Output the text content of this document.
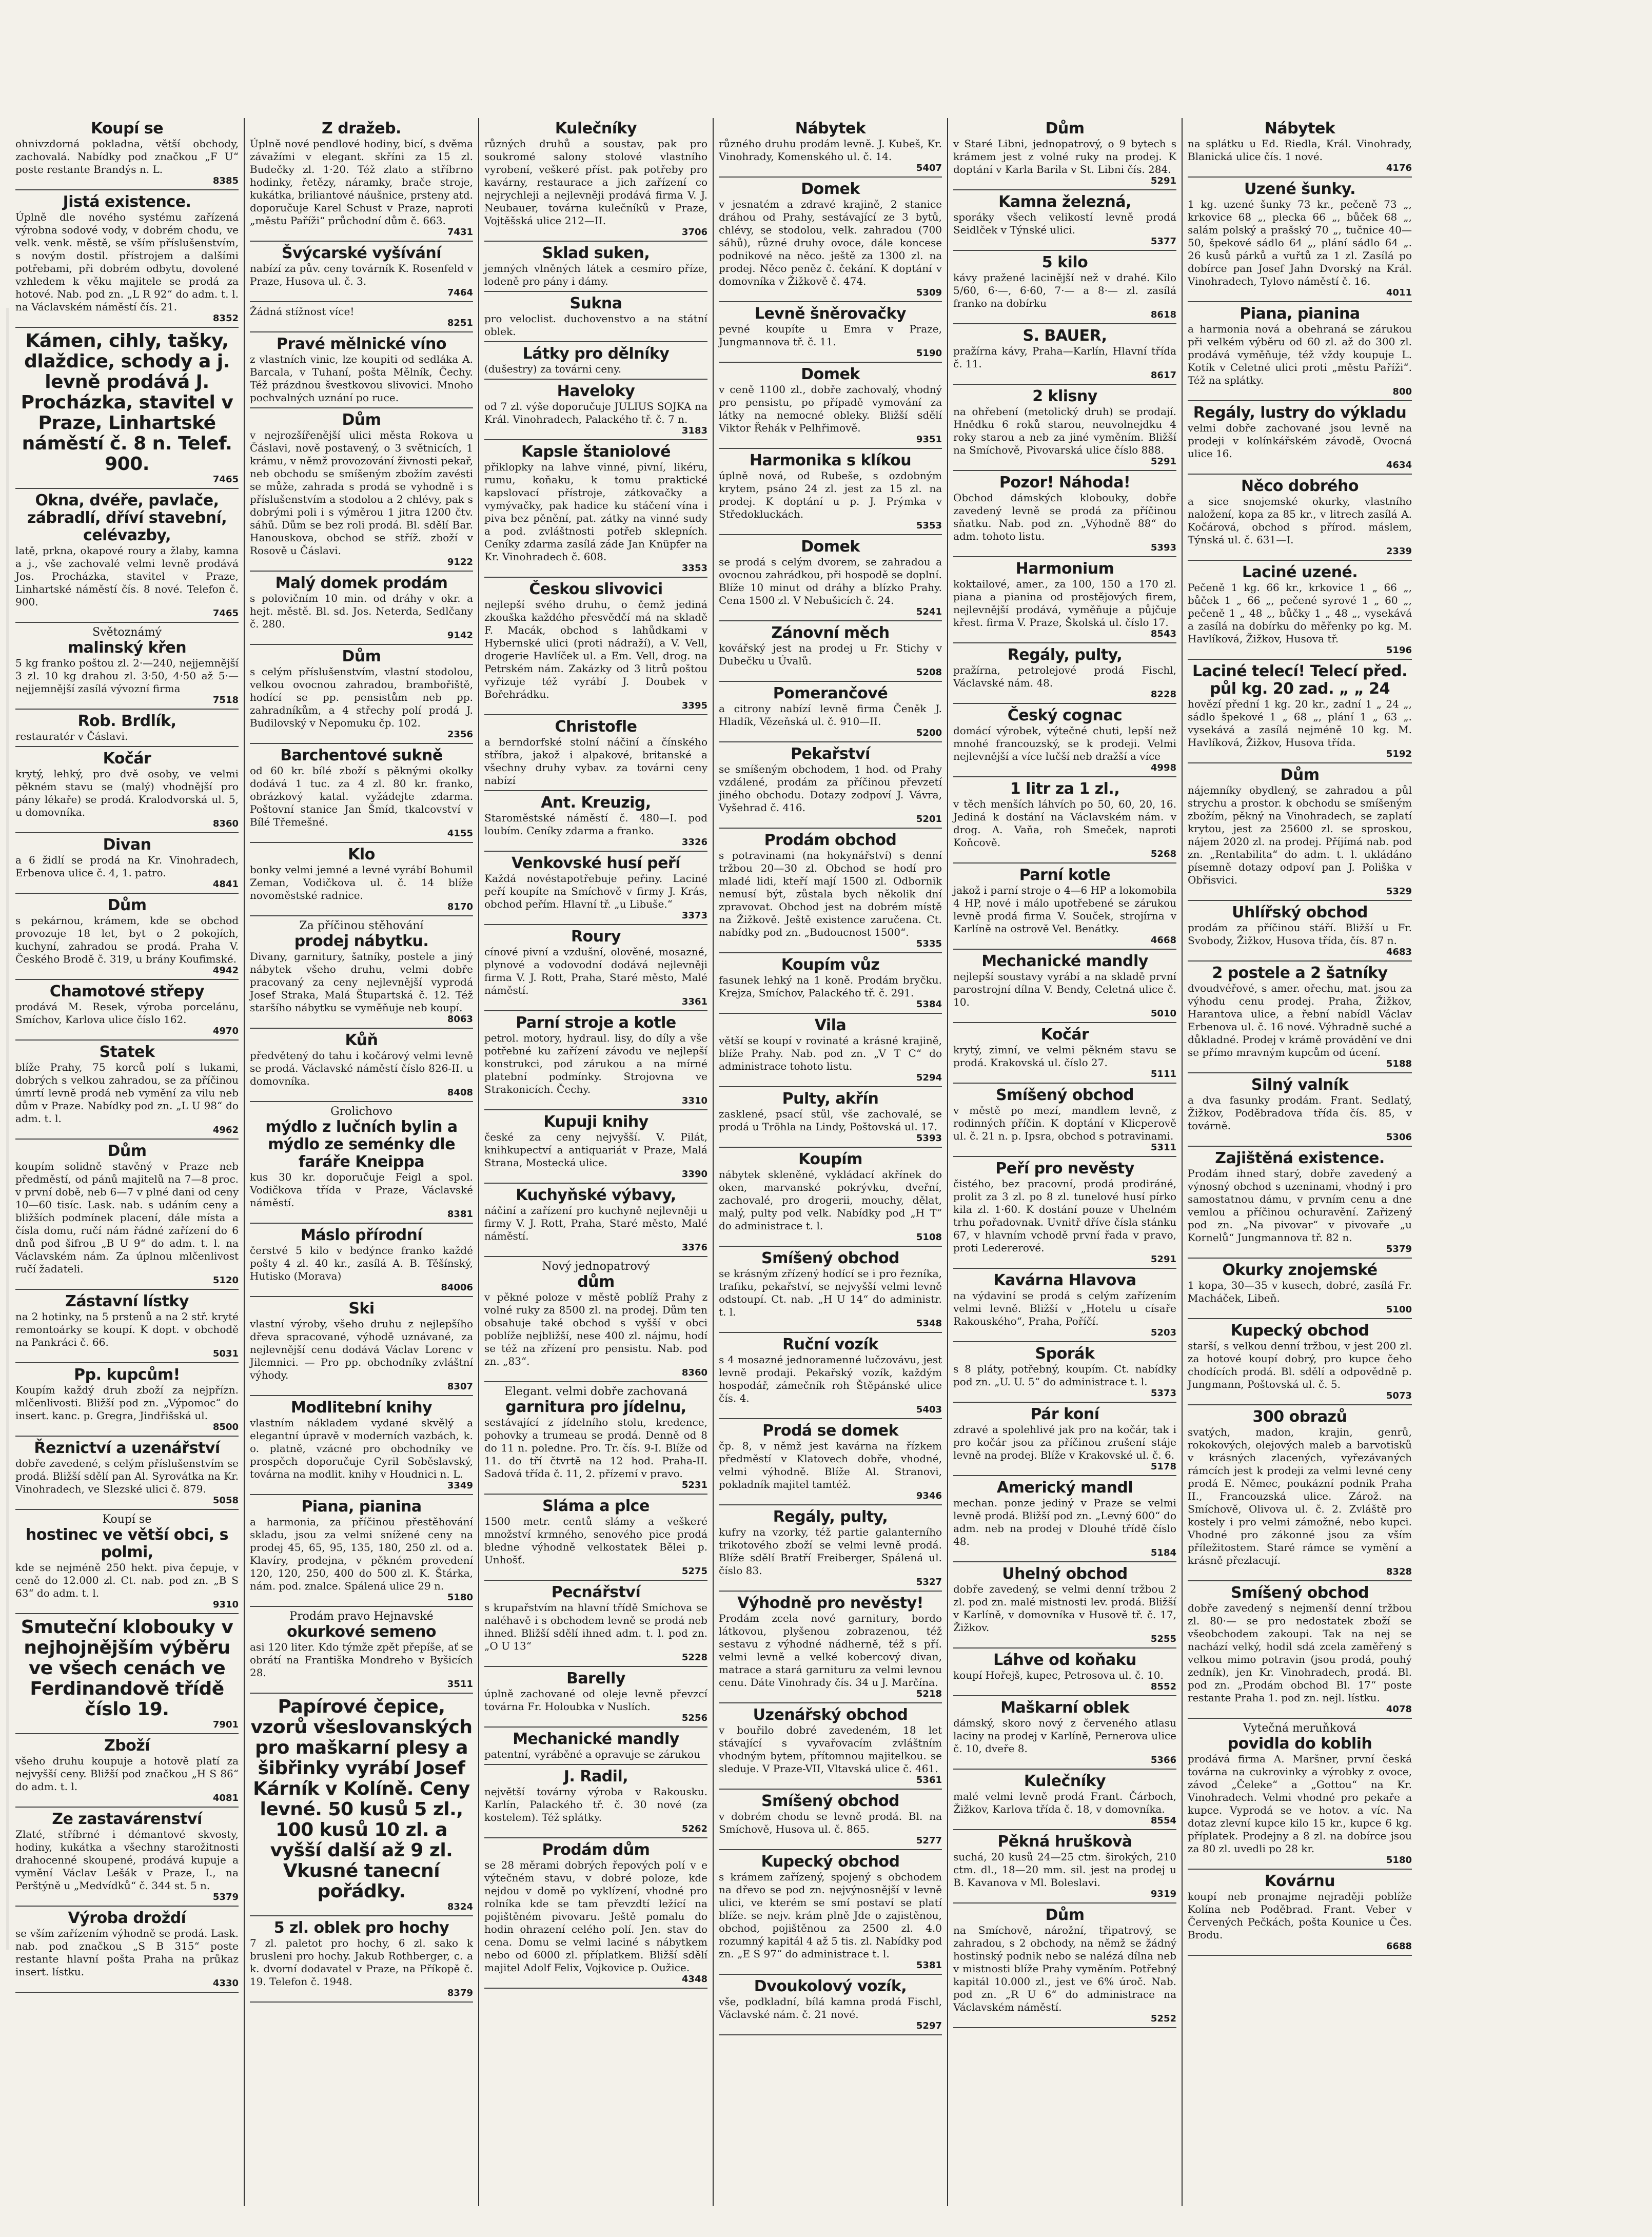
Koupí se
ohnivzdorná pokladna, větší obchody, zachovalá. Nabídky pod značkou „F U“ poste restante Brandýs n. L.
8385
Jistá existence.
Úplně dle nového systému zařízená výrobna sodové vody, v dobrém chodu, ve velk. venk. městě, se vším příslušenstvím, s novým dostil. přístrojem a dalšími potřebami, při dobrém odbytu, dovolené vzhledem k věku majitele se prodá za hotové. Nab. pod zn. „L R 92“ do adm. t. l. na Václavském náměstí čís. 21.
8352
Kámen, cihly, tašky, dlaždice, schody a j. levně prodává J. Procházka, stavitel v Praze, Linhartské náměstí č. 8 n. Telef. 900.
7465
Okna, dvéře, pavlače, zábradlí, dříví stavební, celévazby,
latě, prkna, okapové roury a žlaby, kamna a j., vše zachovalé velmi levně prodává Jos. Procházka, stavitel v Praze, Linhartské náměstí čís. 8 nové. Telefon č. 900.
7465
Světoznámý
malinský křen
5 kg franko poštou zl. 2·—240, nejjemnější 3 zl. 10 kg drahou zl. 3·50, 4·50 až 5·— nejjemnější zasílá vývozní firma
7518
Rob. Brdlík,
restauratér v Čáslavi.
Kočár
krytý, lehký, pro dvě osoby, ve velmi pěkném stavu se (malý) vhodnější pro pány lékaře) se prodá. Kralodvorská ul. 5, u domovníka.
8360
Divan
a 6 židlí se prodá na Kr. Vinohradech, Erbenova ulice č. 4, 1. patro.
4841
Dům
s pekárnou, krámem, kde se obchod provozuje 18 let, byt o 2 pokojích, kuchyní, zahradou se prodá. Praha V. Českého Brodě č. 319, u brány Koufimské.
4942
Chamotové střepy
prodává M. Resek, výroba porcelánu, Smíchov, Karlova ulice číslo 162.
4970
Statek
blíže Prahy, 75 korců polí s lukami, dobrých s velkou zahradou, se za příčinou úmrtí levně prodá neb vymění za vilu neb dům v Praze. Nabídky pod zn. „L U 98“ do adm. t. l.
4962
Dům
koupím solidně stavěný v Praze neb předměstí, od pánů majitelů na 7—8 proc. v první době, neb 6—7 v plné dani od ceny 10—60 tisíc. Lask. nab. s udáním ceny a bližších podmínek placení, dále místa a čísla domu, ručí nám řádné zařízení do 6 dnů pod šifrou „B U 9“ do adm. t. l. na Václavském nám. Za úplnou mlčenlivost ručí žadateli.
5120
Zástavní lístky
na 2 hotinky, na 5 prstenů a na 2 stř. kryté remontoárky se koupí. K dopt. v obchodě na Pankráci č. 66.
5031
Pp. kupcům!
Koupím každý druh zboží za nejpřízn. mlčenlivosti. Bližší pod zn. „Výpomoc“ do insert. kanc. p. Gregra, Jindřišská ul.
8500
Řeznictví a uzenářství
dobře zavedené, s celým příslušenstvím se prodá. Bližší sdělí pan Al. Syrovátka na Kr. Vinohradech, ve Slezské ulici č. 879.
5058
Koupí se
hostinec ve větší obci, s polmi,
kde se nejméně 250 hekt. piva čepuje, v ceně do 12.000 zl. Ct. nab. pod zn. „B S 63“ do adm. t. l.
9310
Smuteční klobouky v nejhojnějším výběru ve všech cenách ve Ferdinandově třídě číslo 19.
7901
Zboží
všeho druhu koupuje a hotově platí za nejvyšší ceny. Bližší pod značkou „H S 86“ do adm. t. l.
4081
Ze zastavárenství
Zlaté, stříbrné i démantové skvosty, hodiny, kukátka a všechny starožitnosti drahocenné skoupené, prodává kupuje a vymění Václav Lešák v Praze, I., na Perštýně u „Medvídků“ č. 344 st. 5 n.
5379
Výroba droždí
se vším zařízením výhodně se prodá. Lask. nab. pod značkou „S B 315“ poste restante hlavní pošta Praha na průkaz insert. lístku.
4330
Z dražeb.
Úplně nové pendlové hodiny, bicí, s dvěma závažími v elegant. skříni za 15 zl. Budečky zl. 1·20. Též zlato a stříbrno hodinky, řetězy, náramky, brače stroje, kukátka, briliantové náušnice, prsteny atd. doporučuje Karel Schust v Praze, naproti „městu Paříži“ průchodní dům č. 663.
7431
Švýcarské vyšívání
nabízí za pův. ceny továrník K. Rosenfeld v Praze, Husova ul. č. 3.
7464
Žádná stížnost více!
8251
Pravé mělnické víno
z vlastních vinic, lze koupiti od sedláka A. Barcala, v Tuhaní, pošta Mělník, Čechy. Též prázdnou švestkovou slivovici. Mnoho pochvalných uznání po ruce.
Dům
v nejrozšířenější ulici města Rokova u Čáslavi, nově postavený, o 3 světnicích, 1 krámu, v němž provozování živnosti pekař, neb obchodu se smíšeným zbožím zavésti se může, zahrada s prodá se vyhodně i s příslušenstvím a stodolou a 2 chlévy, pak s dobrými poli i s výměrou 1 jitra 1200 čtv. sáhů. Dům se bez roli prodá. Bl. sdělí Bar. Hanouskova, obchod se stříž. zboží v Rosově u Čáslavi.
9122
Malý domek prodám
s polovičním 10 min. od dráhy v okr. a hejt. městě. Bl. sd. Jos. Neterda, Sedlčany č. 280.
9142
Dům
s celým příslušenstvím, vlastní stodolou, velkou ovocnou zahradou, brambořiště, hodící se pp. pensistům neb pp. zahradníkům, a 4 střechy polí prodá J. Budilovský v Nepomuku čp. 102.
2356
Barchentové sukně
od 60 kr. bílé zboží s pěknými okolky dodává 1 tuc. za 4 zl. 80 kr. franko, obrázkový katal. vyžádejte zdarma. Poštovní stanice Jan Šmíd, tkalcovství v Bílé Třemešné.
4155
Klo
bonky velmi jemné a levné vyrábí Bohumil Zeman, Vodičkova ul. č. 14 blíže novoměstské radnice.
8170
Za příčinou stěhování
prodej nábytku.
Divany, garnitury, šatníky, postele a jiný nábytek všeho druhu, velmi dobře pracovaný za ceny nejlevnější vyprodá Josef Straka, Malá Štupartská č. 12. Též staršího nábytku se vyměňuje neb koupí.
8063
Kůň
předvětený do tahu i kočárový velmi levně se prodá. Václavské náměstí číslo 826-II. u domovníka.
8408
Grolichovo
mýdlo z lučních bylin a mýdlo ze seménky dle faráře Kneippa
kus 30 kr. doporučuje Feigl a spol. Vodičkova třída v Praze, Václavské náměstí.
8381
Máslo přírodní
čerstvé 5 kilo v bedýnce franko každé pošty 4 zl. 40 kr., zasílá A. B. Těšínský, Hutisko (Morava)
84006
Ski
vlastní výroby, všeho druhu z nejlepšího dřeva spracované, výhodě uznávané, za nejlevnější cenu dodává Václav Lorenc v Jilemnici. — Pro pp. obchodníky zvláštní výhody.
8307
Modlitební knihy
vlastním nákladem vydané skvělý a elegantní úpravě v moderních vazbách, k. o. platně, vzácné pro obchodníky ve prospěch doporučuje Cyril Soběslavský, továrna na modlit. knihy v Houdnici n. L.
3349
Piana, pianina
a harmonia, za příčinou přestěhování skladu, jsou za velmi snížené ceny na prodej 45, 65, 95, 135, 180, 250 zl. od a. Klavíry, prodejna, v pěkném provedení 120, 120, 250, 400 do 500 zl. K. Štárka, nám. pod. znalce. Spálená ulice 29 n.
5180
Prodám pravo Hejnavské
okurkové semeno
asi 120 liter. Kdo týmže zpět přepíše, ať se obrátí na Františka Mondreho v Byšicích 28.
3511
Papírové čepice, vzorů všeslovanských pro maškarní plesy a šibřinky vyrábí Josef Kárník v Kolíně. Ceny levné. 50 kusů 5 zl., 100 kusů 10 zl. a vyšší další až 9 zl. Vkusné tanecní pořádky.
8324
5 zl. oblek pro hochy
7 zl. paletot pro hochy, 6 zl. sako k brusleni pro hochy. Jakub Rothberger, c. a k. dvorní dodavatel v Praze, na Příkopě č. 19. Telefon č. 1948.
8379
Kulečníky
různých druhů a soustav, pak pro soukromé salony stolové vlastního vyrobení, veškeré příst. pak potřeby pro kavárny, restaurace a jich zařízení co nejrychleji a nejlevněji prodává firma V. J. Neubauer, továrna kulečníků v Praze, Vojtěšská ulice 212—II.
3706
Sklad suken,
jemných vlněných látek a cesmíro příze, lodeně pro pány i dámy.
Sukna
pro veloclist. duchovenstvo a na státní oblek.
Látky pro dělníky
(dušestry) za továrni ceny.
Haveloky
od 7 zl. výše doporučuje JULIUS SOJKA na Král. Vinohradech, Palackého tř. č. 7 n.
3183
Kapsle štaniolové
přiklopky na lahve vinné, pivní, likéru, rumu, koňaku, k tomu praktické kapslovací přístroje, zátkovačky a vymývačky, pak hadice ku stáčení vína i piva bez pěnění, pat. zátky na vinné sudy a pod. zvláštnosti potřeb sklepních. Ceníky zdarma zasílá záde Jan Knüpfer na Kr. Vinohradech č. 608.
3353
Českou slivovici
nejlepší svého druhu, o čemž jediná zkouška každého přesvědčí má na skladě F. Macák, obchod s lahůdkami v Hybernské ulici (proti nádraží), a V. Vell, drogerie Havlíček ul. a Em. Vell, drog. na Petrském nám. Zakázky od 3 litrů poštou vyřizuje též vyrábí J. Doubek v Bořehrádku.
3395
Christofle
a berndorfské stolní náčiní a čínského stříbra, jakož i alpakové, britanské a všechny druhy vybav. za továrni ceny nabízí
Ant. Kreuzig,
Staroměstské náměstí č. 480—I. pod loubím. Ceníky zdarma a franko.
3326
Venkovské husí peří
Každá novéstapotřebuje peřiny. Laciné peří koupíte na Smíchově v firmy J. Krás, obchod peřím. Hlavní tř. „u Libuše.“
3373
Roury
cínové pivní a vzdušní, olověné, mosazné, plynové a vodovodní dodává nejlevněji firma V. J. Rott, Praha, Staré město, Malé náměstí.
3361
Parní stroje a kotle
petrol. motory, hydraul. lisy, do díly a vše potřebné ku zařízení závodu ve nejlepší konstrukci, pod zárukou a na mírné platební podmínky. Strojovna ve Strakonicích. Čechy.
3310
Kupuji knihy
české za ceny nejvyšší. V. Pilát, knihkupectví a antiquariát v Praze, Malá Strana, Mostecká ulice.
3390
Kuchyňské výbavy,
náčiní a zařízení pro kuchyně nejlevněji u firmy V. J. Rott, Praha, Staré město, Malé náměstí.
3376
Nový jednopatrový
dům
v pěkné poloze v městě poblíž Prahy z volné ruky za 8500 zl. na prodej. Dům ten obsahuje také obchod s vyšší v obci poblíže nejbližší, nese 400 zl. nájmu, hodí se též na zřízení pro pensistu. Nab. pod zn. „83“.
8360
Elegant. velmi dobře zachovaná
garnitura pro jídelnu,
sestávající z jídelního stolu, kredence, pohovky a trumeau se prodá. Denně od 8 do 11 n. poledne. Pro. Tr. čís. 9-I. Blíže od 11. do tří čtvrtě na 12 hod. Praha-II. Sadová třída č. 11, 2. přízemí v pravo.
5231
Sláma a plce
1500 metr. centů slámy a veškeré množství krmného, senového pice prodá bledne výhodně velkostatek Bělei p. Unhošť.
5275
Pecnářství
s krupařstvím na hlavní třídě Smíchova se naléhavě i s obchodem levně se prodá neb ihned. Bližší sdělí ihned adm. t. l. pod zn. „O U 13“
5228
Barelly
úplně zachované od oleje levně převzcí továrna Fr. Holoubka v Nuslích.
5256
Mechanické mandly
patentní, vyráběné a opravuje se zárukou
J. Radil,
největší továrny výroba v Rakousku. Karlín, Palackého tř. č. 30 nové (za kostelem). Též splátky.
5262
Prodám dům
se 28 měrami dobrých řepových polí v e výtečném stavu, v dobré poloze, kde nejdou v domě po vyklízení, vhodné pro rolníka kde se tam převzdtí ležící na pojištěném pivovaru. Ještě pomalu do hodin ohrazení celého polí. Jen. stav do cena. Domu se velmi laciné s nábytkem nebo od 6000 zl. příplatkem. Bližší sdělí majitel Adolf Felix, Vojkovice p. Oužice.
4348
Nábytek
různého druhu prodám levně. J. Kubeš, Kr. Vinohrady, Komenského ul. č. 14.
5407
Domek
v jesnatém a zdravé krajině, 2 stanice dráhou od Prahy, sestávající ze 3 bytů, chlévy, se stodolou, velk. zahradou (700 sáhů), různé druhy ovoce, dále koncese podnikové na něco. ještě za 1300 zl. na prodej. Něco peněz č. čekání. K doptání v domovníka v Žižkově č. 474.
5309
Levně šněrovačky
pevné koupíte u Emra v Praze, Jungmannova tř. č. 11.
5190
Domek
v ceně 1100 zl., dobře zachovalý, vhodný pro pensistu, po případě vymování za látky na nemocné obleky. Bližší sdělí Viktor Řehák v Pelhřimově.
9351
Harmonika s klíkou
úplně nová, od Rubeše, s ozdobným krytem, psáno 24 zl. jest za 15 zl. na prodej. K doptání u p. J. Prýmka v Středokluckách.
5353
Domek
se prodá s celým dvorem, se zahradou a ovocnou zahrádkou, při hospodě se doplní. Blíže 10 minut od dráhy a blízko Prahy. Cena 1500 zl. V Nebušicích č. 24.
5241
Zánovní měch
kovářský jest na prodej u Fr. Stichy v Dubečku u Úvalů.
5208
Pomerančové
a citrony nabízí levně firma Čeněk J. Hladík, Vězeňská ul. č. 910—II.
5200
Pekařství
se smíšeným obchodem, 1 hod. od Prahy vzdálené, prodám za příčinou převzetí jiného obchodu. Dotazy zodpoví J. Vávra, Vyšehrad č. 416.
5201
Prodám obchod
s potravinami (na hokynářství) s denní tržbou 20—30 zl. Obchod se hodí pro mladé lidi, kteří mají 1500 zl. Odbornik nemusí být, zůstala bych několik dní zpravovat. Obchod jest na dobrém místě na Žižkově. Ještě existence zaručena. Ct. nabídky pod zn. „Budoucnost 1500“.
5335
Koupím vůz
fasunek lehký na 1 koně. Prodám bryčku. Krejza, Smíchov, Palackého tř. č. 291.
5384
Vila
větší se koupí v rovinaté a krásné krajině, blíže Prahy. Nab. pod zn. „V T C“ do administrace tohoto listu.
5294
Pulty, akřín
zasklené, psací stůl, vše zachovalé, se prodá u Tröhla na Lindy, Poštovská ul. 17.
5393
Koupím
nábytek skleněné, vykládací akřínek do oken, marvanské pokrývku, dveřní, zachovalé, pro drogerii, mouchy, dělat, malý, pulty pod velk. Nabídky pod „H T“ do administrace t. l.
5108
Smíšený obchod
se krásným zřízený hodící se i pro řezníka, trafiku, pekařství, se nejvyšší velmi levně odstoupí. Ct. nab. „H U 14“ do administr. t. l.
5348
Ruční vozík
s 4 mosazné jednoramenné lučzovávu, jest levně prodaji. Pekařský vozík, každým hospodář, zámečník roh Štěpánské ulice čís. 4.
5403
Prodá se domek
čp. 8, v němž jest kavárna na řízkem předměstí v Klatovech dobře, vhodné, velmi výhodně. Blíže Al. Stranovi, pokladník majitel tamtéž.
9346
Regály, pulty,
kufry na vzorky, též partie galanterního trikotového zboží se velmi levně prodá. Blíže sdělí Bratří Freiberger, Spálená ul. číslo 83.
5327
Výhodně pro nevěsty!
Prodám zcela nové garnitury, bordo látkovou, plyšenou zobrazenou, též sestavu z výhodné nádherně, též s pří. velmi levně a velké kobercový divan, matrace a stará garnituru za velmi levnou cenu. Dáte Vinohrady čís. 34 u J. Marčína.
5218
Uzenářský obchod
v bouřilo dobré zavedeném, 18 let stávající s vyvařovacím zvláštním vhodným bytem, přítomnou majitelkou. se sleduje. V Praze-VII, Vltavská ulice č. 461.
5361
Smíšený obchod
v dobrém chodu se levně prodá. Bl. na Smíchově, Husova ul. č. 865.
5277
Kupecký obchod
s krámem zařízený, spojený s obchodem na dřevo se pod zn. nejvýnosnější v levně ulici, ve kterém se smí postaví se platí blíže. se nejv. krám plně Jde o zajistěnou, obchod, pojištěnou za 2500 zl. 4.0 rozumný kapitál 4 až 5 tis. zl. Nabídky pod zn. „E S 97“ do administrace t. l.
5381
Dvoukolový vozík,
vše, podkladní, bílá kamna prodá Fischl, Václavské nám. č. 21 nové.
5297
Dům
v Staré Libni, jednopatrový, o 9 bytech s krámem jest z volné ruky na prodej. K doptání v Karla Barila v St. Libni čís. 284.
5291
Kamna železná,
sporáky všech velikostí levně prodá Seidlček v Týnské ulici.
5377
5 kilo
kávy pražené lacinější než v drahé. Kilo 5/60, 6·—, 6·60, 7·— a 8·— zl. zasílá franko na dobírku
8618
S. BAUER,
pražírna kávy, Praha—Karlín, Hlavní třída č. 11.
8617
2 klisny
na ohřebení (metolický druh) se prodají. Hnědku 6 roků starou, neuvolnejdku 4 roky starou a neb za jiné vyměním. Bližší na Smíchově, Pivovarská ulice číslo 888.
5291
Pozor! Náhoda!
Obchod dámských klobouky, dobře zavedený levně se prodá za příčinou sňatku. Nab. pod zn. „Výhodně 88“ do adm. tohoto listu.
5393
Harmonium
koktailové, amer., za 100, 150 a 170 zl. piana a pianina od prostějových firem, nejlevnější prodává, vyměňuje a půjčuje křest. firma V. Praze, Školská ul. číslo 17.
8543
Regály, pulty,
pražírna, petrolejové prodá Fischl, Václavské nám. 48.
8228
Český cognac
domácí výrobek, výtečné chuti, lepší než mnohé francouzský, se k prodeji. Velmi nejlevnější a více lučší neb dražší a více
4998
1 litr za 1 zl.,
v těch menších láhvích po 50, 60, 20, 16. Jediná k dostání na Václavském nám. v drog. A. Vaňa, roh Smeček, naproti Koňcově.
5268
Parní kotle
jakož i parní stroje o 4—6 HP a lokomobila 4 HP, nové i málo upotřebené se zárukou levně prodá firma V. Souček, strojírna v Karlíně na ostrově Vel. Benátky.
4668
Mechanické mandly
nejlepší soustavy vyrábí a na skladě první parostrojní dílna V. Bendy, Celetná ulice č. 10.
5010
Kočár
krytý, zimní, ve velmi pěkném stavu se prodá. Krakovská ul. číslo 27.
5111
Smíšený obchod
v městě po mezí, mandlem levně, z rodinných příčin. K doptání v Klicperově ul. č. 21 n. p. Ipsra, obchod s potravinami.
5311
Peří pro nevěsty
čistého, bez pracovní, prodá prodiráné, prolit za 3 zl. po 8 zl. tunelové husí pírko kila zl. 1·60. K dostání pouze v Uhelném trhu pořadovnak. Uvnitř dříve čísla stánku 67, v hlavním vchodě první řada v pravo, proti Ledererové.
5291
Kavárna Hlavova
na výdaviní se prodá s celým zařízením velmi levně. Bližší v „Hotelu u císaře Rakouského“, Praha, Poříčí.
5203
Sporák
s 8 pláty, potřebný, koupím. Ct. nabídky pod zn. „U. U. 5“ do administrace t. l.
5373
Pár koní
zdravé a spolehlivé jak pro na kočár, tak i pro kočár jsou za příčinou zrušení stáje levně na prodej. Blíže v Krakovské ul. č. 6.
5178
Americký mandl
mechan. ponze jediný v Praze se velmi levně prodá. Bližší pod zn. „Levný 600“ do adm. neb na prodej v Dlouhé třídě číslo 48.
5184
Uhelný obchod
dobře zavedený, se velmi denní tržbou 2 zl. pod zn. malé mistnosti lev. prodá. Bližší v Karlíně, v domovníka v Husově tř. č. 17, Žižkov.
5255
Láhve od koňaku
koupí Hořejš, kupec, Petrosova ul. č. 10.
8552
Maškarní oblek
dámský, skoro nový z červeného atlasu laciny na prodej v Karlíně, Pernerova ulice č. 10, dveře 8.
5366
Kulečníky
malé velmi levně prodá Frant. Čárboch, Žižkov, Karlova třída č. 18, v domovníka.
8554
Pěkná hruškovà
suchá, 20 kusů 24—25 ctm. širokých, 210 ctm. dl., 18—20 mm. sil. jest na prodej u B. Kavanova v Ml. Boleslavi.
9319
Dům
na Smíchově, nárožní, třipatrový, se zahradou, s 2 obchody, na němž se žádný hostinský podnik nebo se nalézá dílna neb v mistnosti blíže Prahy vyměním. Potřebný kapitál 10.000 zl., jest ve 6% úroč. Nab. pod zn. „R U 6“ do administrace na Václavském náměstí.
5252
Nábytek
na splátku u Ed. Riedla, Král. Vinohrady, Blanická ulice čís. 1 nové.
4176
Uzené šunky.
1 kg. uzené šunky 73 kr., pečeně 73 „, krkovice 68 „, plecka 66 „, bůček 68 „, salám polský a prašský 70 „, tučnice 40—50, špekové sádlo 64 „, plání sádlo 64 „. 26 kusů párků a vuřtů za 1 zl. Zasílá po dobírce pan Josef Jahn Dvorský na Král. Vinohradech, Tylovo náměstí č. 16.
4011
Piana, pianina
a harmonia nová a obehraná se zárukou při velkém výběru od 60 zl. až do 300 zl. prodává vyměňuje, též vždy koupuje L. Kotík v Celetné ulici proti „městu Paříži“. Též na splátky.
800
Regály, lustry do výkladu
velmi dobře zachované jsou levně na prodeji v kolínkářském závodě, Ovocná ulice 16.
4634
Něco dobrého
a sice snojemské okurky, vlastního naložení, kopa za 85 kr., v litrech zasílá A. Kočárová, obchod s přírod. máslem, Týnská ul. č. 631—I.
2339
Laciné uzené.
Pečeně 1 kg. 66 kr., krkovice 1 „ 66 „, bůček 1 „ 66 „, pečené syrové 1 „ 60 „, pečeně 1 „ 48 „, bůčky 1 „ 48 „, vysekává a zasílá na dobírku do měřenky po kg. M. Havlíková, Žižkov, Husova tř.
5196
Laciné telecí! Telecí před. půl kg. 20 zad. „ „ 24
hovězí přední 1 kg. 20 kr., zadní 1 „ 24 „, sádlo špekové 1 „ 68 „, plání 1 „ 63 „. vysekává a zasílá nejméně 10 kg. M. Havlíková, Žižkov, Husova třída.
5192
Dům
nájemníky obydlený, se zahradou a půl strychu a prostor. k obchodu se smíšeným zbožím, pěkný na Vinohradech, se zaplatí krytou, jest za 25600 zl. se sproskou, nájem 2020 zl. na prodej. Příjímá nab. pod zn. „Rentabilita“ do adm. t. l. ukládáno písemně dotazy odpoví pan J. Poliška v Obřisvici.
5329
Uhlířský obchod
prodám za příčinou stáří. Bližší u Fr. Svobody, Žižkov, Husova třída, čís. 87 n.
4683
2 postele a 2 šatníky
dvoudvéřové, s amer. ořechu, mat. jsou za výhodu cenu prodej. Praha, Žižkov, Harantova ulice, a řební nabídl Václav Erbenova ul. č. 16 nové. Výhradně suché a důkladné. Prodej v krámě provádění ve dni se přímo mravným kupcům od úcení.
5188
Silný valník
a dva fasunky prodám. Frant. Sedlatý, Žižkov, Poděbradova třída čís. 85, v továrně.
5306
Zajištěná existence.
Prodám ihned starý, dobře zavedený a výnosný obchod s uzeninami, vhodný i pro samostatnou dámu, v prvním cenu a dne vemlou a příčinou ochuravění. Zařizený pod zn. „Na pivovar“ v pivovaře „u Kornelů“ Jungmannova tř. 82 n.
5379
Okurky znojemské
1 kopa, 30—35 v kusech, dobré, zasílá Fr. Macháček, Libeň.
5100
Kupecký obchod
starší, s velkou denní tržbou, v jest 200 zl. za hotové koupí dobrý, pro kupce čeho chodících prodá. Bl. sdělí a odpovědně p. Jungmann, Poštovská ul. č. 5.
5073
300 obrazů
svatých, madon, krajin, genrů, rokokových, olejových maleb a barvotisků v krásných zlacených, vyřezávaných rámcích jest k prodeji za velmi levné ceny prodá E. Němec, poukázní podnik Praha II., Francouzská ulice. Zárož. na Smíchově, Olivova ul. č. 2. Zvláště pro kostely i pro velmi zámožné, nebo kupci. Vhodné pro zákonné jsou za vším příležitostem. Staré rámce se vymění a krásně přezlacují.
8328
Smíšený obchod
dobře zavedený s nejmenší denní tržbou zl. 80·— se pro nedostatek zboží se všeobchodem zakoupi. Tak na nej se nachází velký, hodil sdá zcela zaměřený s velkou mimo potravin (jsou prodá, pouhý zedník), jen Kr. Vinohradech, prodá. Bl. pod zn. „Prodám obchod Bl. 17“ poste restante Praha 1. pod zn. nejl. lístku.
4078
Vytečná meruňková
povidla do koblih
prodává firma A. Maršner, první česká továrna na cukrovinky a výrobky z ovoce, závod „Čeleke“ a „Gottou“ na Kr. Vinohradech. Velmi vhodné pro pekaře a kupce. Vyprodá se ve hotov. a víc. Na dotaz zlevní kupce kilo 15 kr., kupce 6 kg. příplatek. Prodejny a 8 zl. na dobírce jsou za 80 zl. uvedli po 28 kr.
5180
Kovárnu
koupí neb pronajme nejraději poblíže Kolína neb Poděbrad. Frant. Veber v Červených Pečkách, pošta Kounice u Čes. Brodu.
6688
